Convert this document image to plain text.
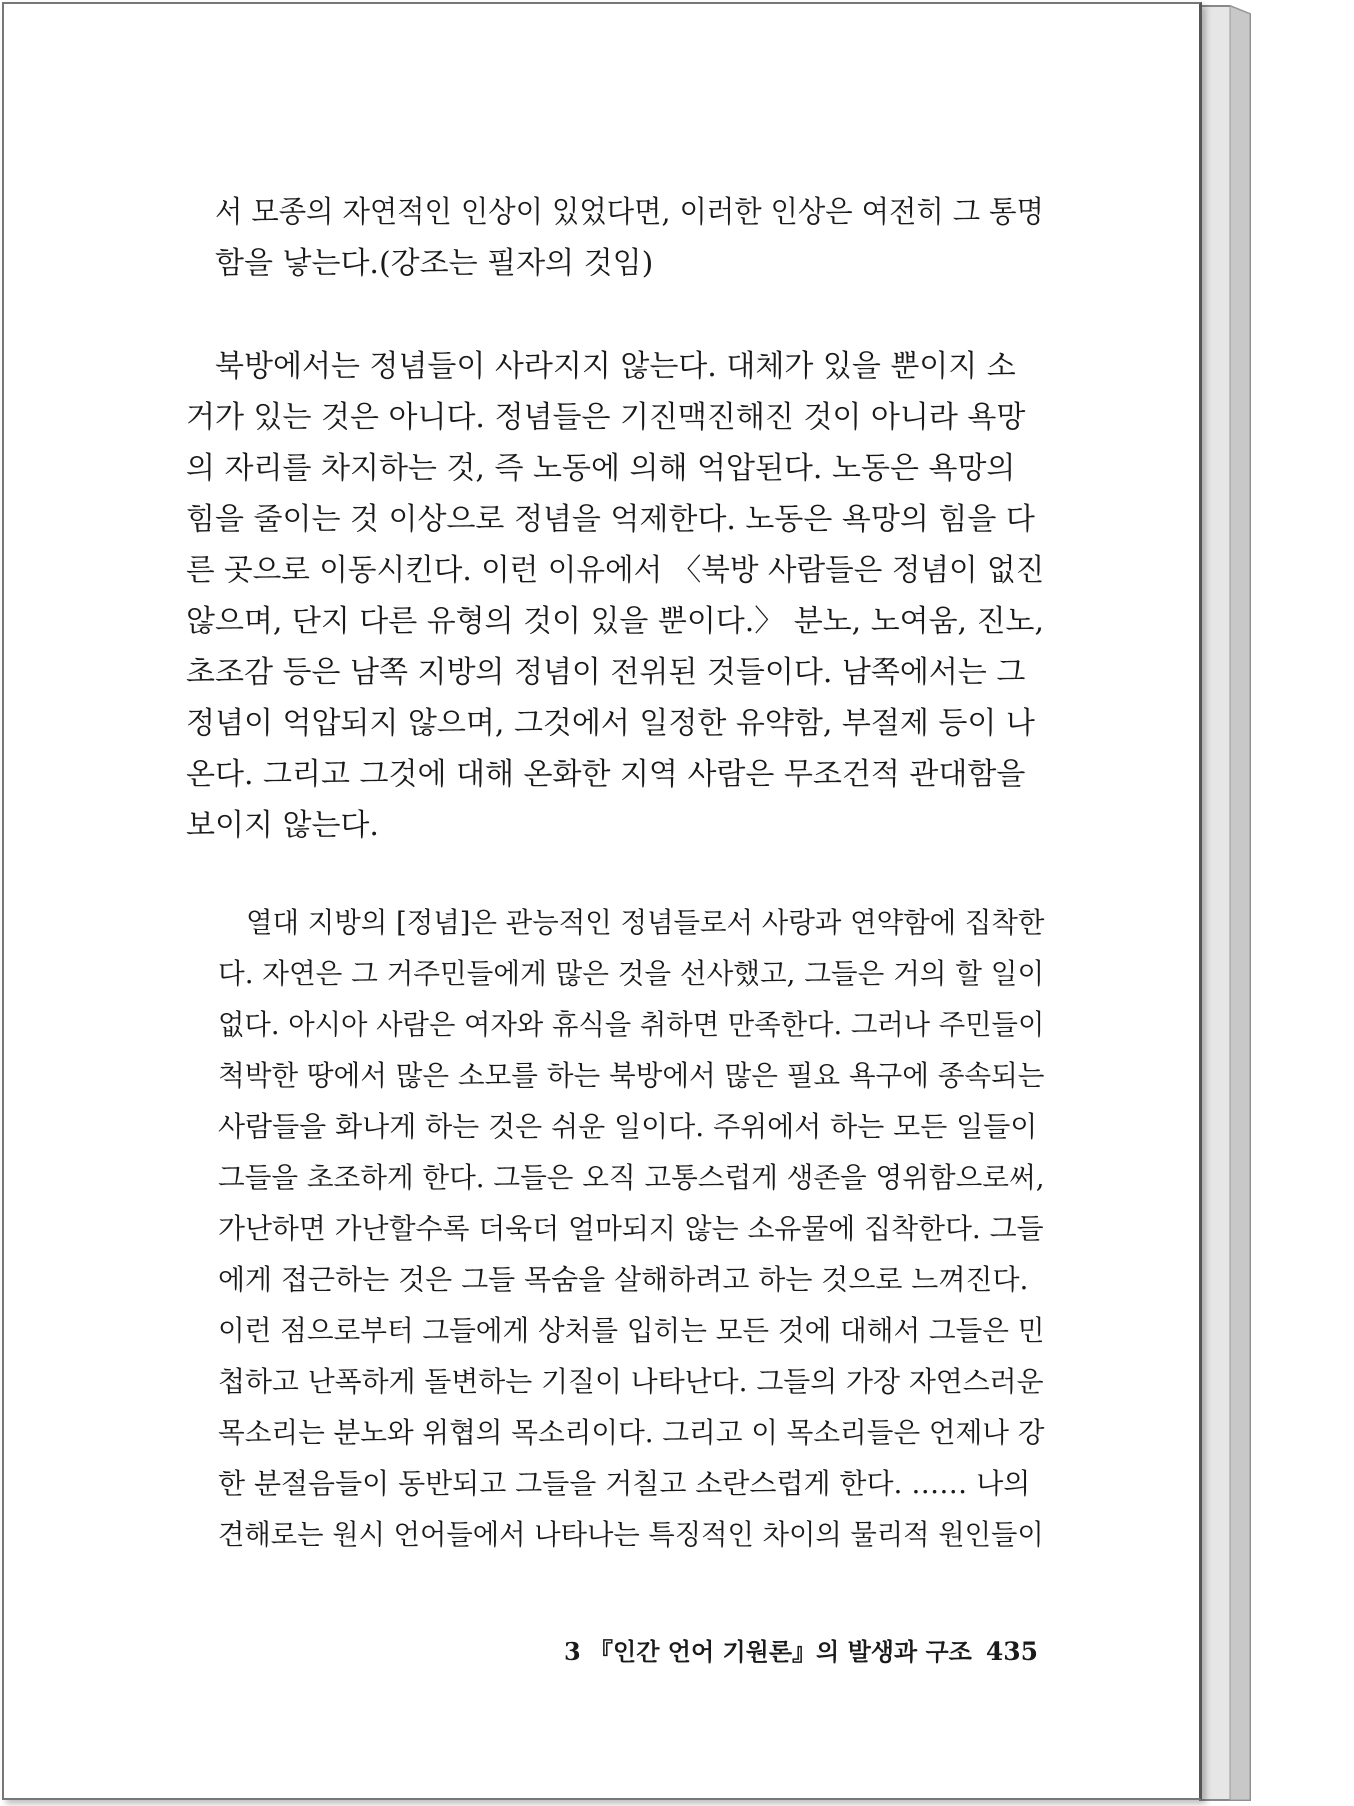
서 모종의 자연적인 인상이 있었다면, 이러한 인상은 여전히 그 통명
함을 낳는다.(강조는 필자의 것임)
북방에서는 정념들이 사라지지 않는다. 대체가 있을 뿐이지 소
거가 있는 것은 아니다. 정념들은 기진맥진해진 것이 아니라 욕망
의 자리를 차지하는 것, 즉 노동에 의해 억압된다. 노동은 욕망의
힘을 줄이는 것 이상으로 정념을 억제한다. 노동은 욕망의 힘을 다
른 곳으로 이동시킨다. 이런 이유에서 〈북방 사람들은 정념이 없진
않으며, 단지 다른 유형의 것이 있을 뿐이다.〉 분노, 노여움, 진노,
초조감 등은 남쪽 지방의 정념이 전위된 것들이다. 남쪽에서는 그
정념이 억압되지 않으며, 그것에서 일정한 유약함, 부절제 등이 나
온다. 그리고 그것에 대해 온화한 지역 사람은 무조건적 관대함을
보이지 않는다.
열대 지방의 [정념]은 관능적인 정념들로서 사랑과 연약함에 집착한
다. 자연은 그 거주민들에게 많은 것을 선사했고, 그들은 거의 할 일이
없다. 아시아 사람은 여자와 휴식을 취하면 만족한다. 그러나 주민들이
척박한 땅에서 많은 소모를 하는 북방에서 많은 필요 욕구에 종속되는
사람들을 화나게 하는 것은 쉬운 일이다. 주위에서 하는 모든 일들이
그들을 초조하게 한다. 그들은 오직 고통스럽게 생존을 영위함으로써,
가난하면 가난할수록 더욱더 얼마되지 않는 소유물에 집착한다. 그들
에게 접근하는 것은 그들 목숨을 살해하려고 하는 것으로 느껴진다.
이런 점으로부터 그들에게 상처를 입히는 모든 것에 대해서 그들은 민
첩하고 난폭하게 돌변하는 기질이 나타난다. 그들의 가장 자연스러운
목소리는 분노와 위협의 목소리이다. 그리고 이 목소리들은 언제나 강
한 분절음들이 동반되고 그들을 거칠고 소란스럽게 한다. …… 나의
견해로는 원시 언어들에서 나타나는 특징적인 차이의 물리적 원인들이
3 『인간 언어 기원론』의 발생과 구조 435
